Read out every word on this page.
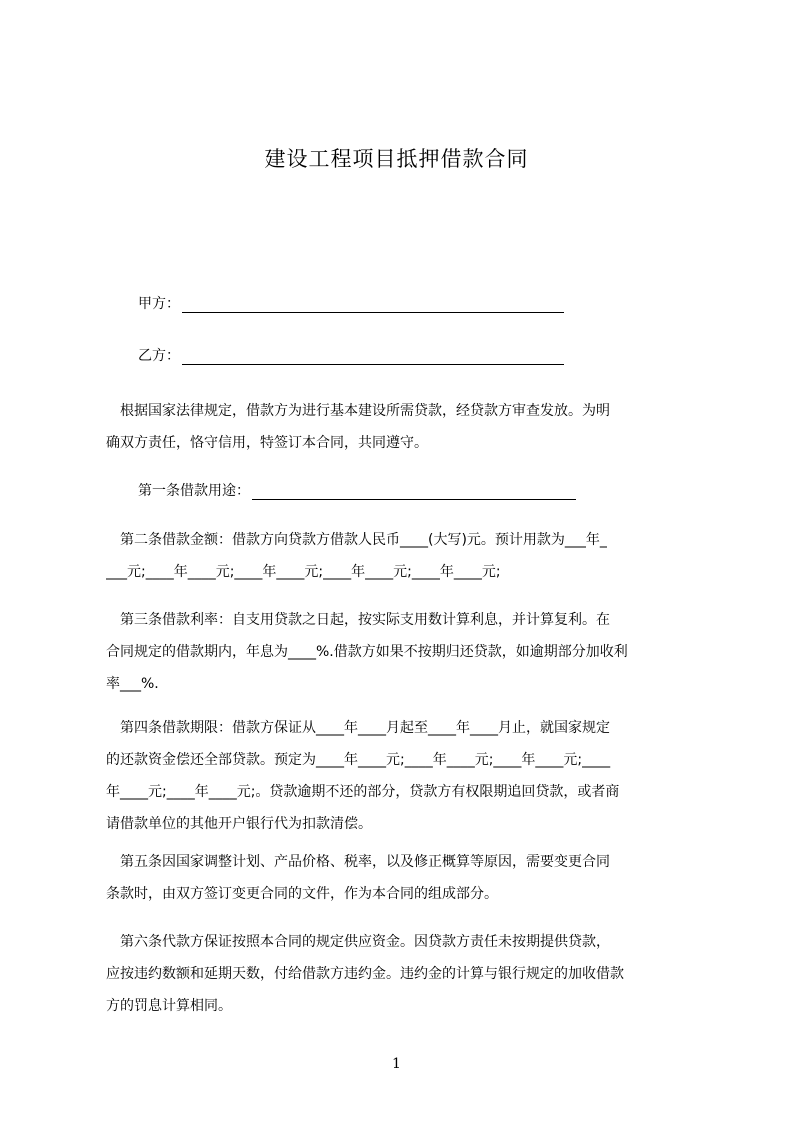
建设工程项目抵押借款合同
甲方：
乙方：
　根据国家法律规定，借款方为进行基本建设所需贷款，经贷款方审查发放。为明
确双方责任，恪守信用，特签订本合同，共同遵守。
第一条借款用途：
　第二条借款金额：借款方向贷款方借款人民币____(大写)元。预计用款为___年_
___元;____年____元;____年____元;____年____元;____年____元;
　第三条借款利率：自支用贷款之日起，按实际支用数计算利息，并计算复利。在
合同规定的借款期内，年息为____%.借款方如果不按期归还贷款，如逾期部分加收利
率___%.
　第四条借款期限：借款方保证从____年____月起至____年____月止，就国家规定
的还款资金偿还全部贷款。预定为____年____元;____年____元;____年____元;____
年____元;____年____元;。贷款逾期不还的部分，贷款方有权限期追回贷款，或者商
请借款单位的其他开户银行代为扣款清偿。
　第五条因国家调整计划、产品价格、税率，以及修正概算等原因，需要变更合同
条款时，由双方签订变更合同的文件，作为本合同的组成部分。
　第六条代款方保证按照本合同的规定供应资金。因贷款方责任未按期提供贷款，
应按违约数额和延期天数，付给借款方违约金。违约金的计算与银行规定的加收借款
方的罚息计算相同。
1
